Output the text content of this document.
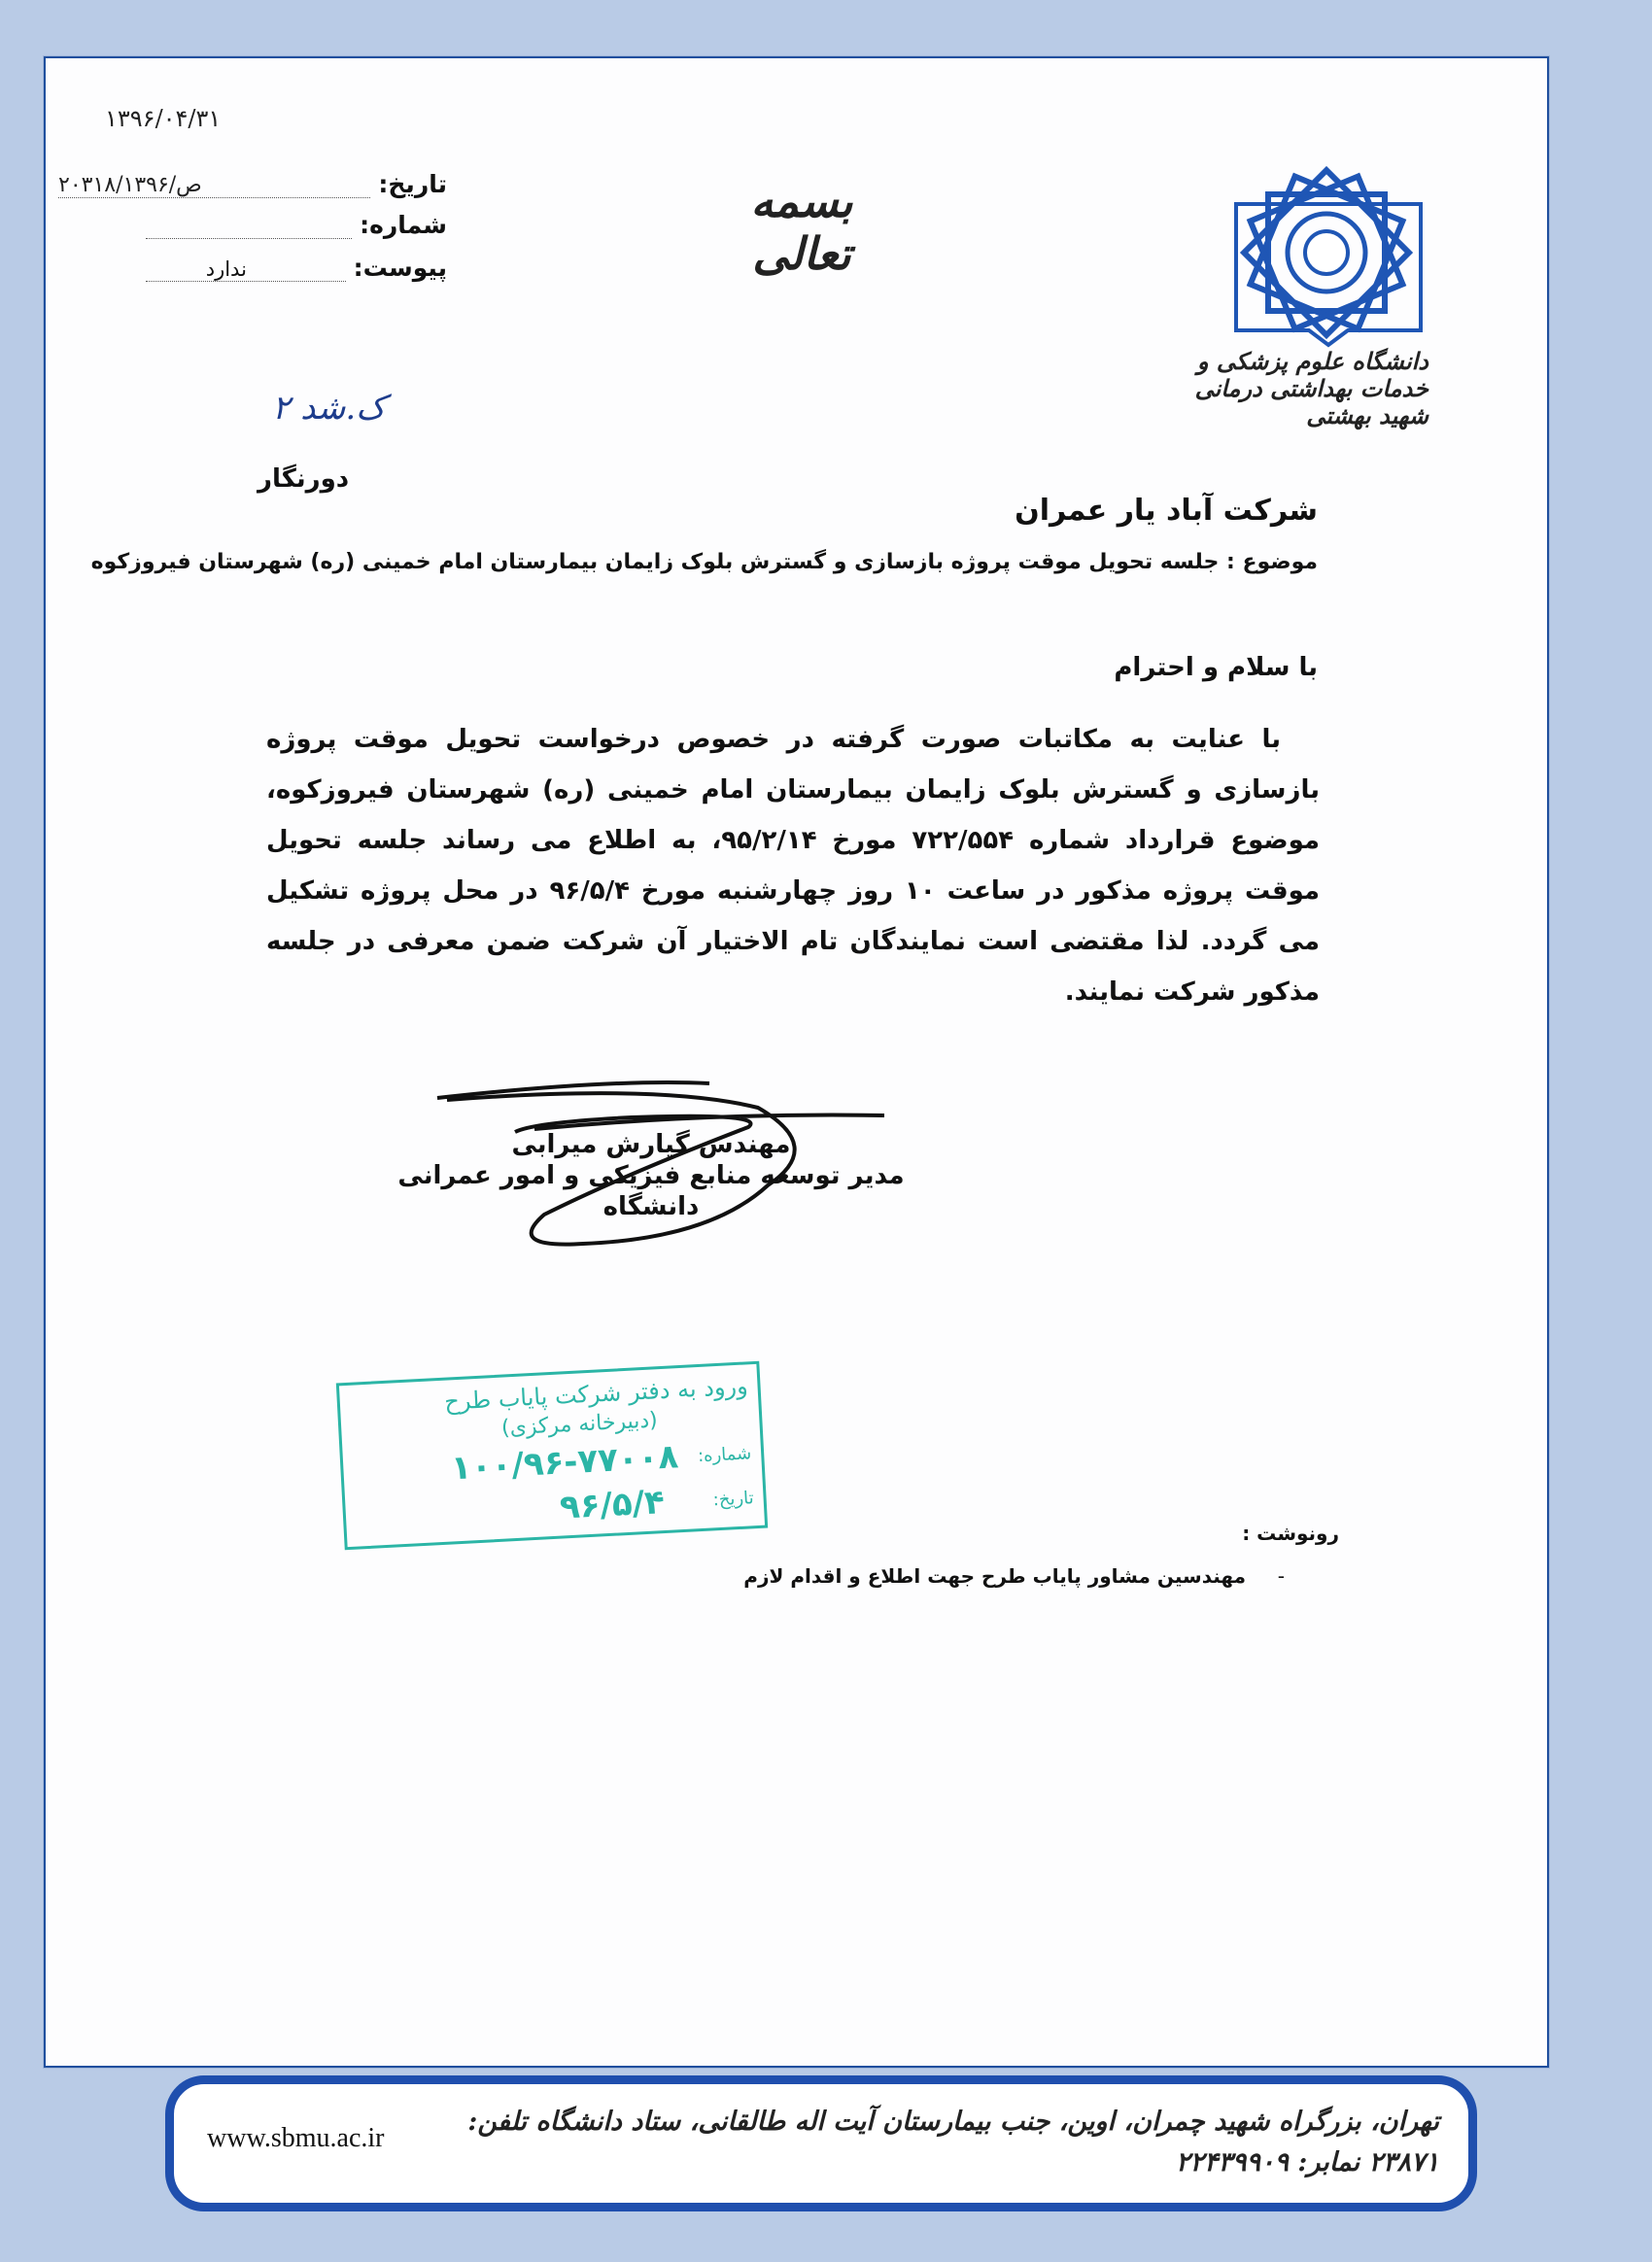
۱۳۹۶/۰۴/۳۱
تاریخ:
۲۰۳۱۸/ص/۱۳۹۶
شماره:
پیوست:
ندارد
بسمه تعالی
دانشگاه علوم پزشکی و خدمات بهداشتی درمانی شهید بهشتی
ک.شد ۲
دورنگار
شرکت آباد یار عمران
موضوع : جلسه تحویل موقت پروژه بازسازی و گسترش بلوک زایمان بیمارستان امام خمینی (ره) شهرستان فیروزکوه
با سلام و احترام

با عنایت به مکاتبات صورت گرفته در خصوص درخواست تحویل موقت پروژه بازسازی و گسترش بلوک زایمان بیمارستان امام خمینی (ره) شهرستان فیروزکوه، موضوع قرارداد شماره ۷۲۲/۵۵۴ مورخ ۹۵/۲/۱۴، به اطلاع می رساند جلسه تحویل موقت پروژه مذکور در ساعت ۱۰ روز چهارشنبه مورخ ۹۶/۵/۴ در محل پروژه تشکیل می گردد. لذا مقتضی است نمایندگان تام الاختیار آن شرکت ضمن معرفی در جلسه مذکور شرکت نمایند.

مهندس گیارش میرابی
مدیر توسعه منابع فیزیکی و امور عمرانی دانشگاه
ورود به دفتر شرکت پایاب طرح
(دبیرخانه مرکزی)
شماره:
۱۰۰/۹۶-۷۷۰۰۸
تاریخ:
۹۶/۵/۴
رونوشت :
-
مهندسین مشاور پایاب طرح جهت اطلاع و اقدام لازم
تهران، بزرگراه شهید چمران، اوین، جنب بیمارستان آیت اله طالقانی، ستاد دانشگاه تلفن: ۲۳۸۷۱ نمابر: ۲۲۴۳۹۹۰۹
www.sbmu.ac.ir
